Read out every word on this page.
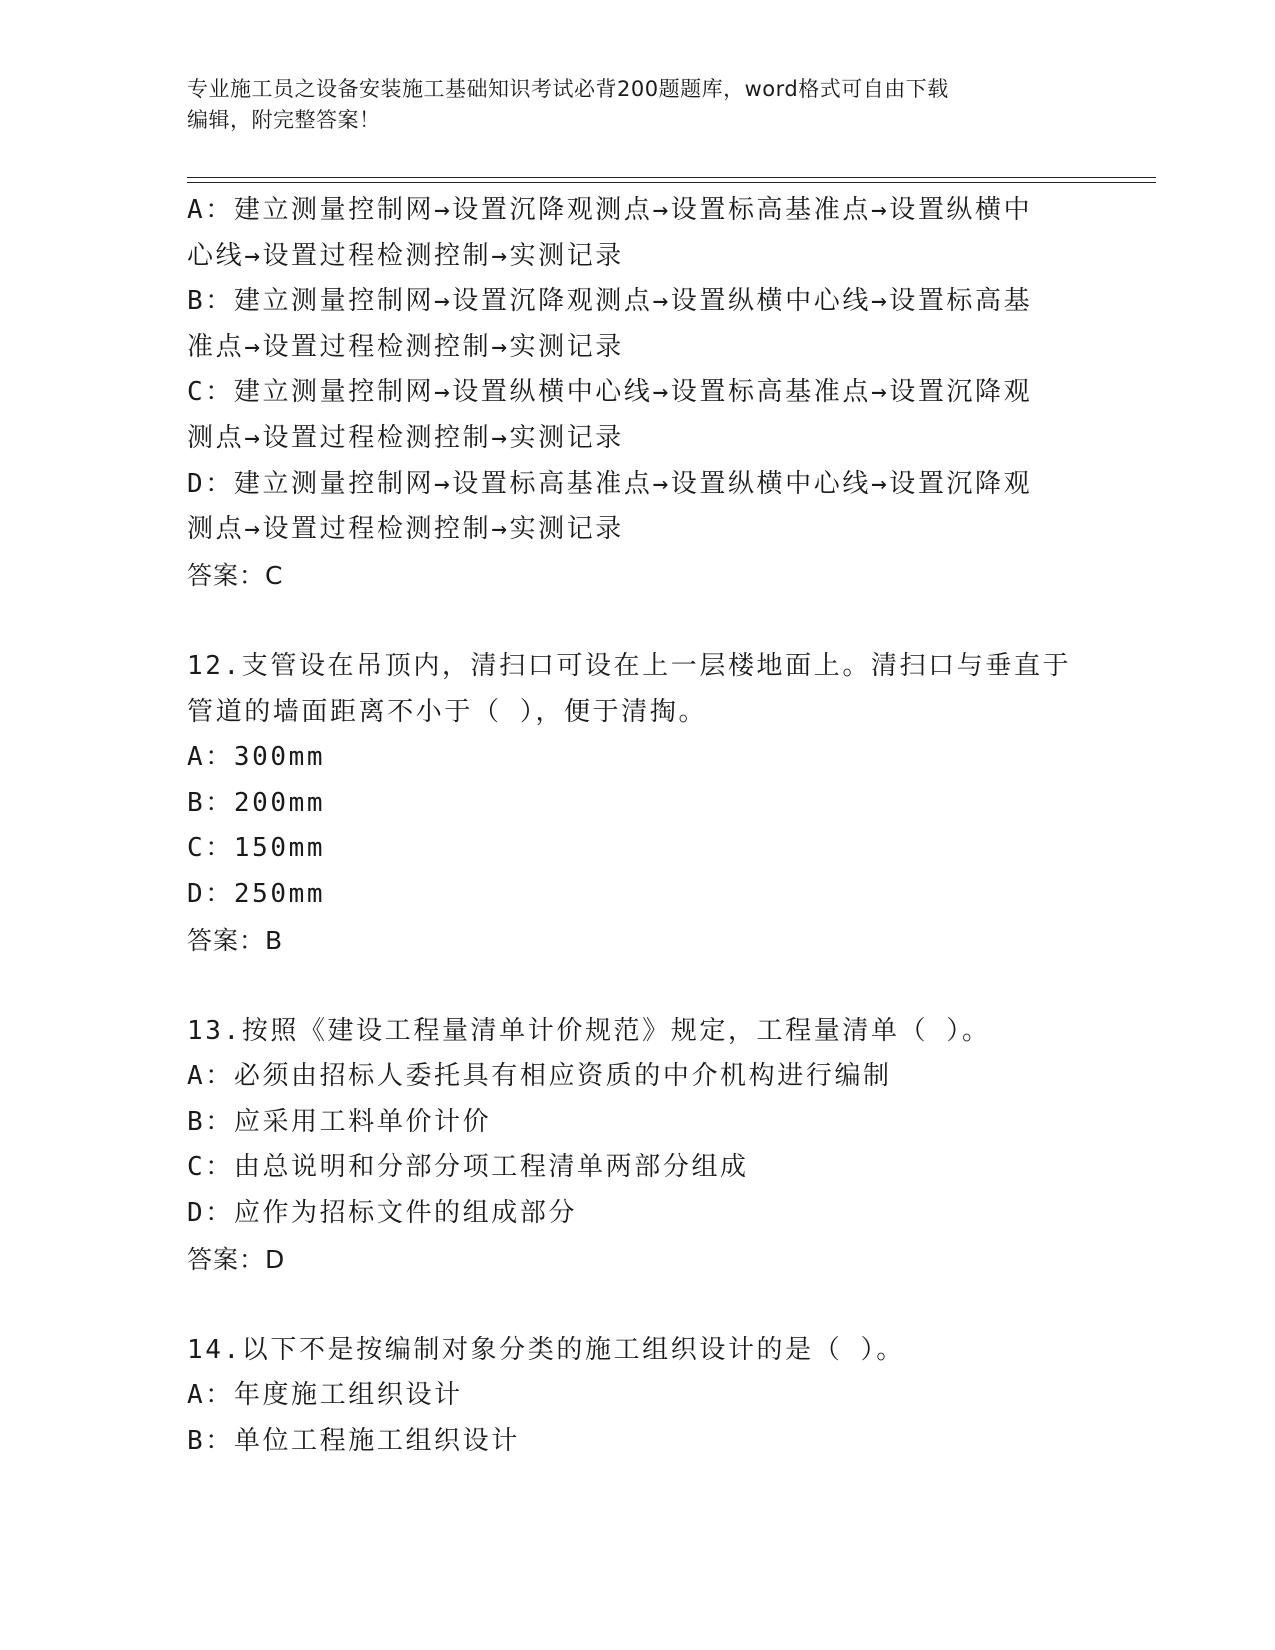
专业施工员之设备安装施工基础知识考试必背200题题库，word格式可自由下载
编辑，附完整答案！
A：建立测量控制网→设置沉降观测点→设置标高基准点→设置纵横中
心线→设置过程检测控制→实测记录
B：建立测量控制网→设置沉降观测点→设置纵横中心线→设置标高基
准点→设置过程检测控制→实测记录
C：建立测量控制网→设置纵横中心线→设置标高基准点→设置沉降观
测点→设置过程检测控制→实测记录
D：建立测量控制网→设置标高基准点→设置纵横中心线→设置沉降观
测点→设置过程检测控制→实测记录
答案：C
12.支管设在吊顶内，清扫口可设在上一层楼地面上。清扫口与垂直于
管道的墙面距离不小于（ ），便于清掏。
A：300mm
B：200mm
C：150mm
D：250mm
答案：B
13.按照《建设工程量清单计价规范》规定，工程量清单（ ）。
A：必须由招标人委托具有相应资质的中介机构进行编制
B：应采用工料单价计价
C：由总说明和分部分项工程清单两部分组成
D：应作为招标文件的组成部分
答案：D
14.以下不是按编制对象分类的施工组织设计的是（ ）。
A：年度施工组织设计
B：单位工程施工组织设计
